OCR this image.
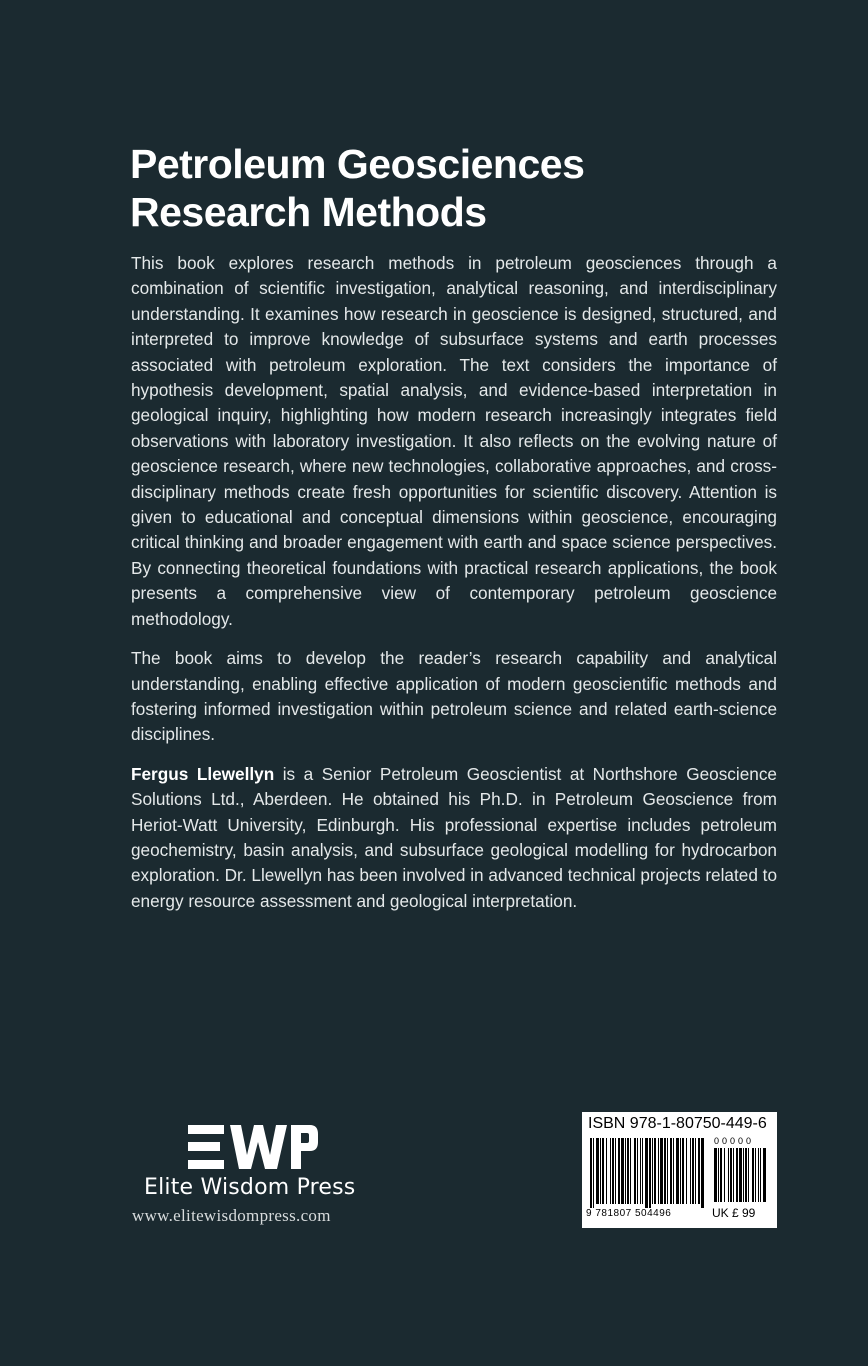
Petroleum Geosciences
Research Methods

This book explores research methods in petroleum geosciences through a combination of scientific investigation, analytical reasoning, and interdisciplinary understanding. It examines how research in geoscience is designed, structured, and interpreted to improve knowledge of subsurface systems and earth processes associated with petroleum exploration. The text considers the importance of hypothesis development, spatial analysis, and evidence-based interpretation in geological inquiry, highlighting how modern research increasingly integrates field observations with laboratory investigation. It also reflects on the evolving nature of geoscience research, where new technologies, collaborative approaches, and cross-disciplinary methods create fresh opportunities for scientific discovery. Attention is given to educational and conceptual dimensions within geoscience, encouraging critical thinking and broader engagement with earth and space science perspectives. By connecting theoretical foundations with practical research applications, the book presents a comprehensive view of contemporary petroleum geoscience methodology.

The book aims to develop the reader’s research capability and analytical understanding, enabling effective application of modern geoscientific methods and fostering informed investigation within petroleum science and related earth-science disciplines.

Fergus Llewellyn is a Senior Petroleum Geoscientist at Northshore Geoscience Solutions Ltd., Aberdeen. He obtained his Ph.D. in Petroleum Geoscience from Heriot-Watt University, Edinburgh. His professional expertise includes petroleum geochemistry, basin analysis, and subsurface geological modelling for hydrocarbon exploration. Dr. Llewellyn has been involved in advanced technical projects related to energy resource assessment and geological interpretation.

Elite Wisdom Press
www.elitewisdompress.com
ISBN 978-1-80750-449-6
00000
9 781807 504496	UK £ 99
